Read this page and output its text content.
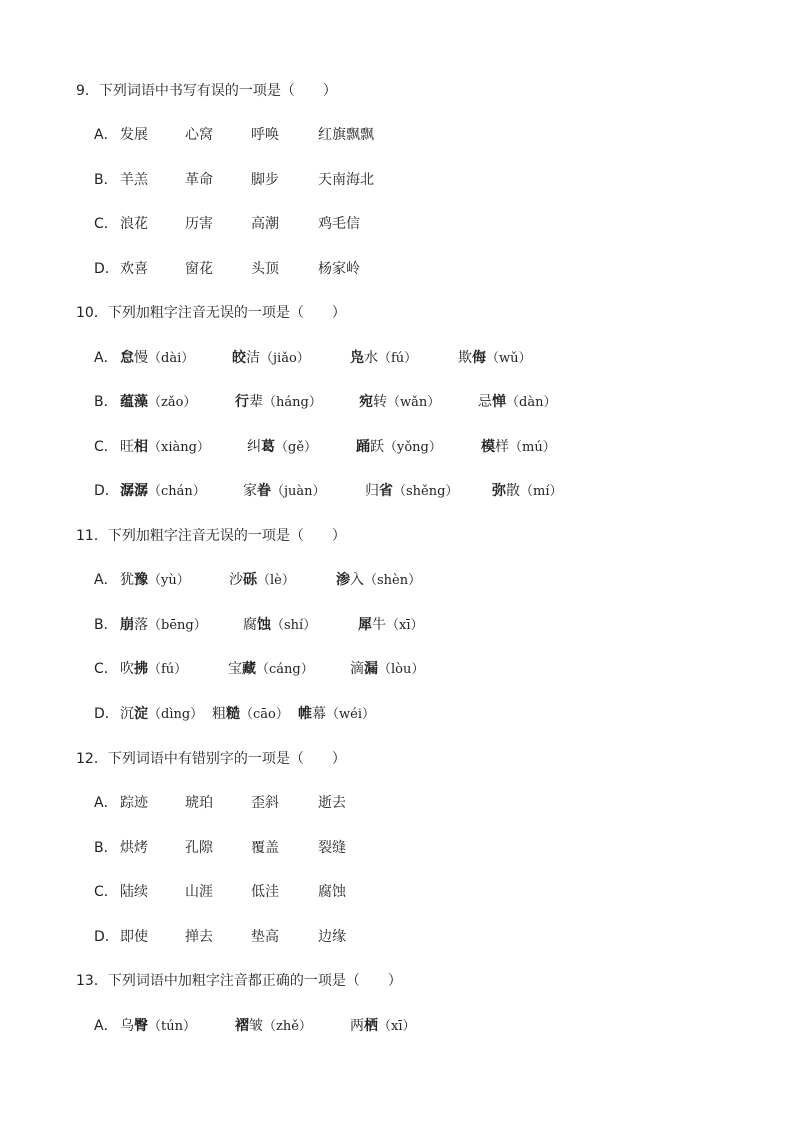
9．下列词语中书写有误的一项是（　　）
A． 发展	心窝	呼唤	红旗飘飘
B． 羊羔	革命	脚步	天南海北
C． 浪花	历害	高潮	鸡毛信
D． 欢喜	窗花	头顶	杨家岭
10．下列加粗字注音无误的一项是（　　）
A． 怠慢（dài）	皎洁（jiǎo）	凫水（fú）	欺侮（wǔ）
B． 蕴藻（zǎo）	行辈（háng）	宛转（wǎn）	忌惮（dàn）
C． 旺相（xiàng）	纠葛（gě）	踊跃（yǒng）	模样（mú）
D． 潺潺（chán）	家眷（juàn）	归省（shěng） 弥散（mí）
11．下列加粗字注音无误的一项是（　　）
A． 犹豫（yù）	沙砾（lè）	渗入（shèn）
B． 崩落（bēng）	腐蚀（shí）	犀牛（xī）
C． 吹拂（fú）	宝藏（cáng）	滴漏（lòu）
D． 沉淀（dìng） 粗糙（cāo） 帷幕（wéi）
12．下列词语中有错别字的一项是（　　）
A． 踪迹	琥珀	歪斜	逝去
B． 烘烤	孔隙	覆盖	裂缝
C． 陆续	山涯	低洼	腐蚀
D． 即使	掸去	垫高	边缘
13．下列词语中加粗字注音都正确的一项是（　　）
A． 乌臀（tún）	褶皱（zhě）	两栖（xī）
